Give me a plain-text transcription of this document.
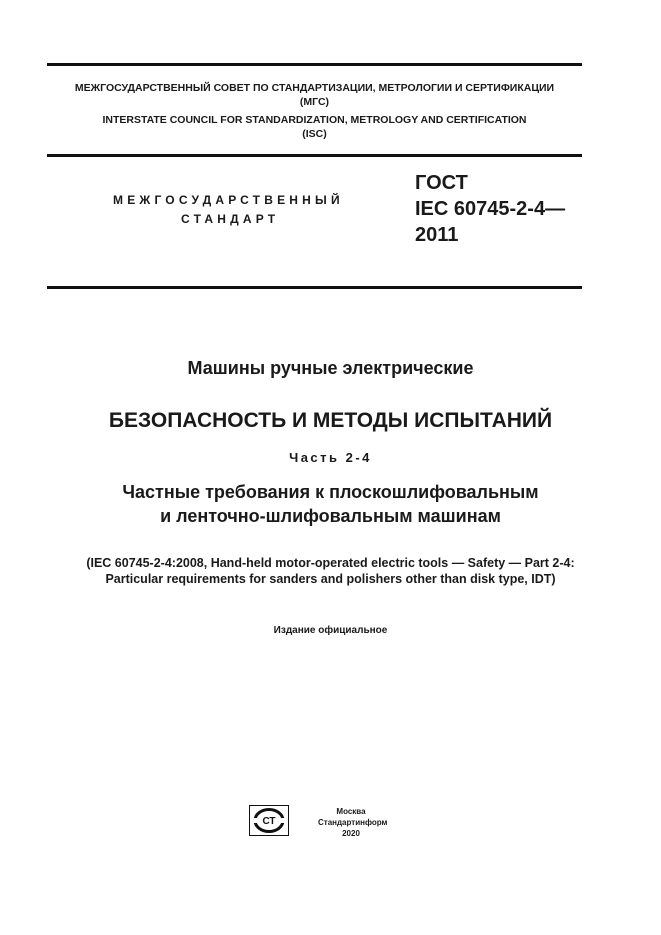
МЕЖГОСУДАРСТВЕННЫЙ СОВЕТ ПО СТАНДАРТИЗАЦИИ, МЕТРОЛОГИИ И СЕРТИФИКАЦИИ
(МГС)
INTERSTATE COUNCIL FOR STANDARDIZATION, METROLOGY AND CERTIFICATION
(ISC)
МЕЖГОСУДАРСТВЕННЫЙ
СТАНДАРТ
ГОСТ
IEC 60745-2-4—
2011
Машины ручные электрические
БЕЗОПАСНОСТЬ И МЕТОДЫ ИСПЫТАНИЙ
Часть 2-4
Частные требования к плоскошлифовальным
и ленточно-шлифовальным машинам
(IEC 60745-2-4:2008, Hand-held motor-operated electric tools — Safety — Part 2-4:
Particular requirements for sanders and polishers other than disk type, IDT)
Издание официальное
СТ
Москва
Стандартинформ
2020
